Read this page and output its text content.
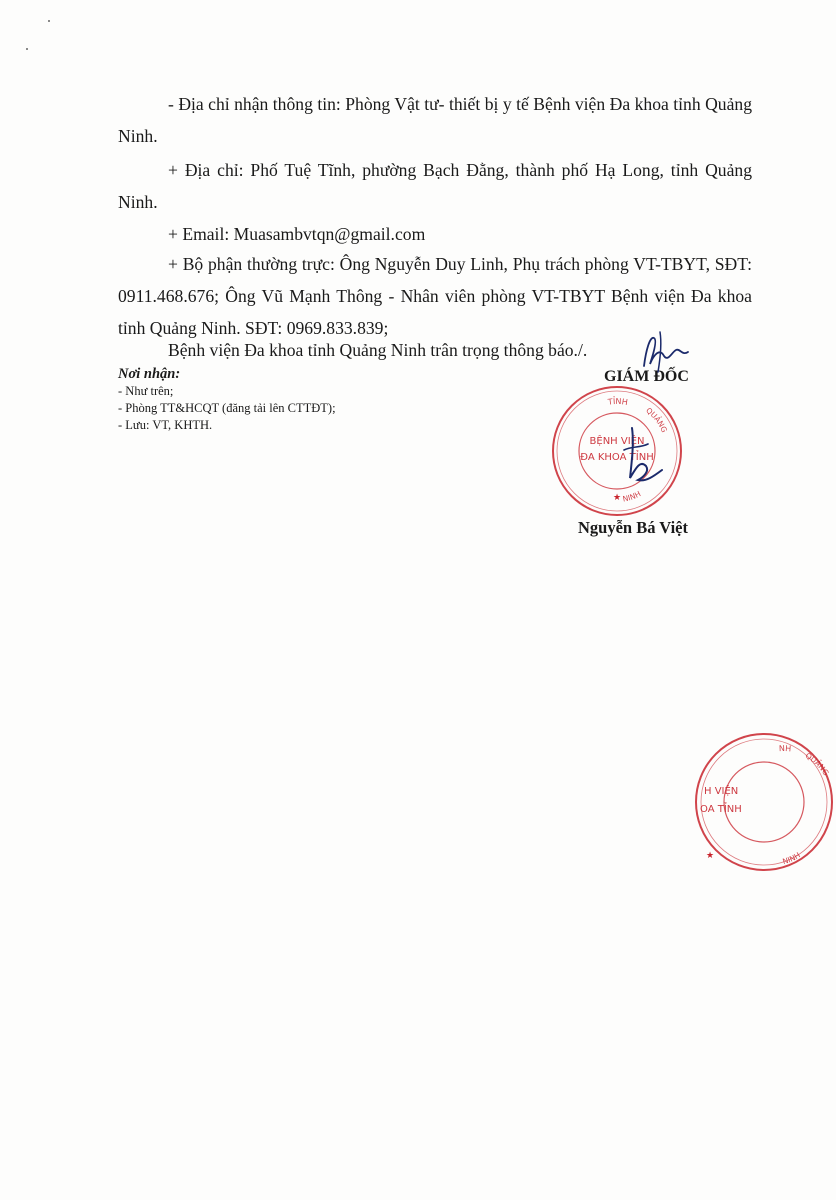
- Địa chỉ nhận thông tin: Phòng Vật tư- thiết bị y tế Bệnh viện Đa khoa tỉnh Quảng Ninh.

+ Địa chỉ: Phố Tuệ Tĩnh, phường Bạch Đằng, thành phố Hạ Long, tỉnh Quảng Ninh.

+ Email: Muasambvtqn@gmail.com

+ Bộ phận thường trực: Ông Nguyễn Duy Linh, Phụ trách phòng VT-TBYT, SĐT: 0911.468.676; Ông Vũ Mạnh Thông - Nhân viên phòng VT-TBYT Bệnh viện Đa khoa tỉnh Quảng Ninh. SĐT: 0969.833.839;

Bệnh viện Đa khoa tỉnh Quảng Ninh trân trọng thông báo./.

Nơi nhận:
- Như trên;
- Phòng TT&HCQT (đăng tải lên CTTĐT);
- Lưu: VT, KHTH.
GIÁM ĐỐC
TỈNH
QUẢNG
NINH
BỆNH VIỆN
ĐA KHOA TỈNH
★
Nguyễn Bá Việt
NH
QUẢNG
NINH
H VIỆN
OA TỈNH
★
